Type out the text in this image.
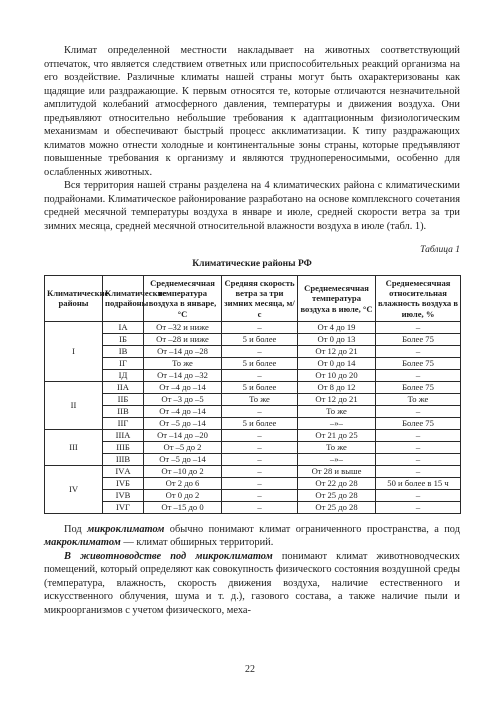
Климат определенной местности накладывает на животных соответствующий отпечаток, что является следствием ответных или приспособительных реакций организма на его воздействие. Различные климаты нашей страны могут быть охарактеризованы как щадящие или раздражающие. К первым относятся те, которые отличаются незначительной амплитудой колебаний атмосферного давления, температуры и движения воздуха. Они предъявляют относительно небольшие требования к адаптационным физиологическим механизмам и обеспечивают быстрый процесс акклиматизации. К типу раздражающих климатов можно отнести холодные и континентальные зоны страны, которые предъявляют повышенные требования к организму и являются труднопереносимыми, особенно для ослабленных животных.

Вся территория нашей страны разделена на 4 климатических района с климатическими подрайонами. Климатическое районирование разработано на основе комплексного сочетания средней месячной температуры воздуха в январе и июле, средней скорости ветра за три зимних месяца, средней месячной относительной влажности воздуха в июле (табл. 1).

Таблица 1
Климатические районы РФ
Климатические районы	Климатические подрайоны	Среднемесячная температура воздуха в январе, °С	Средняя скорость ветра за три зимних месяца, м/с	Среднемесячная температура воздуха в июле, °С	Среднемесячная относительная влажность воздуха в июле, %
I	IА	От –32 и ниже	–	От 4 до 19	–
	IБ	От –28 и ниже	5 и более	От 0 до 13	Более 75
	IВ	От –14 до –28	–	От 12 до 21	–
	IГ	То же	5 и более	От 0 до 14	Более 75
	IД	От –14 до –32	–	От 10 до 20	–
II	IIА	От –4 до –14	5 и более	От 8 до 12	Более 75
	IIБ	От –3 до –5	То же	От 12 до 21	То же
	IIВ	От –4 до –14	–	То же	–
	IIГ	От –5 до –14	5 и более	–»–	Более 75
III	IIIА	От –14 до –20	–	От 21 до 25	–
	IIIБ	От –5 до 2	–	То же	–
	IIIВ	От –5 до –14	–	–»–	–
IV	IVА	От –10 до 2	–	От 28 и выше	–
	IVБ	От 2 до 6	–	От 22 до 28	50 и более в 15 ч
	IVВ	От 0 до 2	–	От 25 до 28	–
	IVГ	От –15 до 0	–	От 25 до 28	–

Под микроклиматом обычно понимают климат ограниченного пространства, а под макроклиматом — климат обширных территорий.

В животноводстве под микроклиматом понимают климат животноводческих помещений, который определяют как совокупность физического состояния воздушной среды (температура, влажность, скорость движения воздуха, наличие естественного и искусственного облучения, шума и т. д.), газового состава, а также наличие пыли и микроорганизмов с учетом физического, меха-

22
